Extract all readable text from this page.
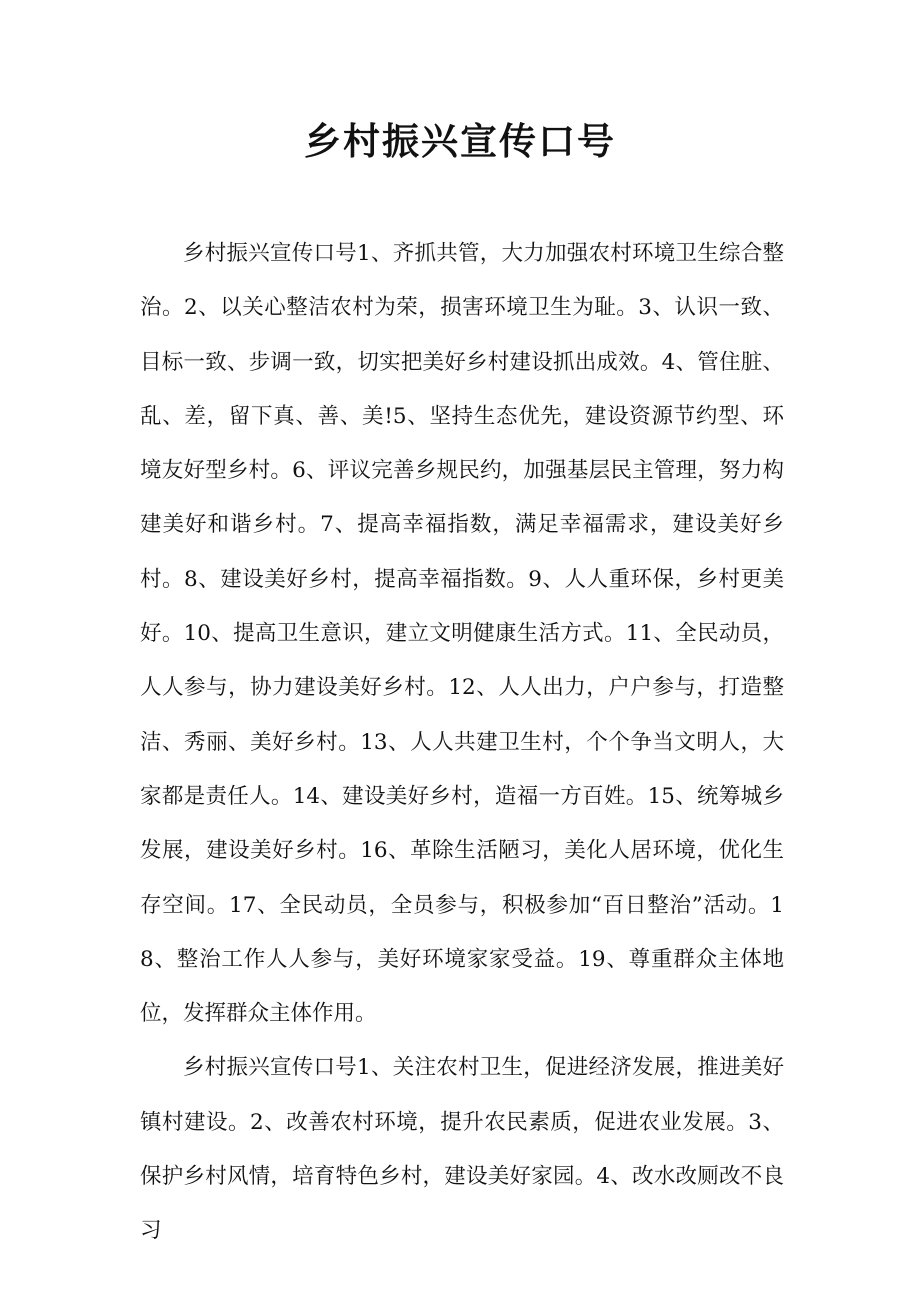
乡村振兴宣传口号

乡村振兴宣传口号1、齐抓共管，大力加强农村环境卫生综合整治。2、以关心整洁农村为荣，损害环境卫生为耻。3、认识一致、目标一致、步调一致，切实把美好乡村建设抓出成效。4、管住脏、乱、差，留下真、善、美!5、坚持生态优先，建设资源节约型、环境友好型乡村。6、评议完善乡规民约，加强基层民主管理，努力构建美好和谐乡村。7、提高幸福指数，满足幸福需求，建设美好乡村。8、建设美好乡村，提高幸福指数。9、人人重环保，乡村更美好。10、提高卫生意识，建立文明健康生活方式。11、全民动员，人人参与，协力建设美好乡村。12、人人出力，户户参与，打造整洁、秀丽、美好乡村。13、人人共建卫生村，个个争当文明人，大家都是责任人。14、建设美好乡村，造福一方百姓。15、统筹城乡发展，建设美好乡村。16、革除生活陋习，美化人居环境，优化生存空间。17、全民动员，全员参与，积极参加“百日整治”活动。18、整治工作人人参与，美好环境家家受益。19、尊重群众主体地位，发挥群众主体作用。

乡村振兴宣传口号1、关注农村卫生，促进经济发展，推进美好镇村建设。2、改善农村环境，提升农民素质，促进农业发展。3、保护乡村风情，培育特色乡村，建设美好家园。4、改水改厕改不良习
